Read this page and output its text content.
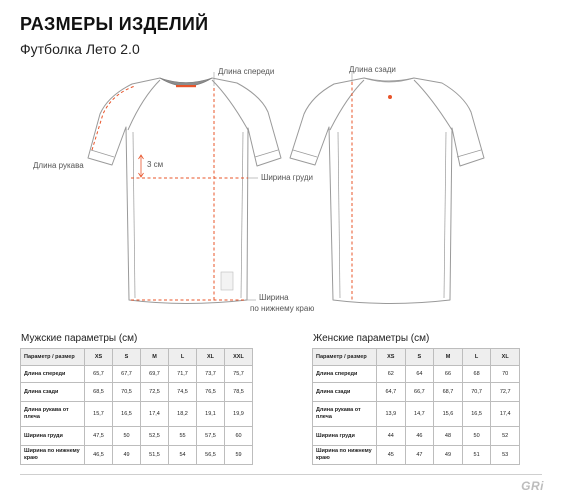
РАЗМЕРЫ ИЗДЕЛИЙ
Футболка Лето 2.0
Длина спереди
Длина рукава	3 см
Ширина груди
Ширина
по нижнему краю
Длина сзади
Мужские параметры (см)
Параметр / размер	XS	S	M	L	XL	XXL
Длина спереди	65,7	67,7	69,7	71,7	73,7	75,7
Длина сзади	68,5	70,5	72,5	74,5	76,5	78,5
Длина рукава от плеча	15,7	16,5	17,4	18,2	19,1	19,9
Ширина груди	47,5	50	52,5	55	57,5	60
Ширина по нижнему краю	46,5	49	51,5	54	56,5	59
Женские параметры (см)
Параметр / размер	XS	S	M	L	XL
Длина спереди	62	64	66	68	70
Длина сзади	64,7	66,7	68,7	70,7	72,7
Длина рукава от плеча	13,9	14,7	15,6	16,5	17,4
Ширина груди	44	46	48	50	52
Ширина по нижнему краю	45	47	49	51	53
GRi
